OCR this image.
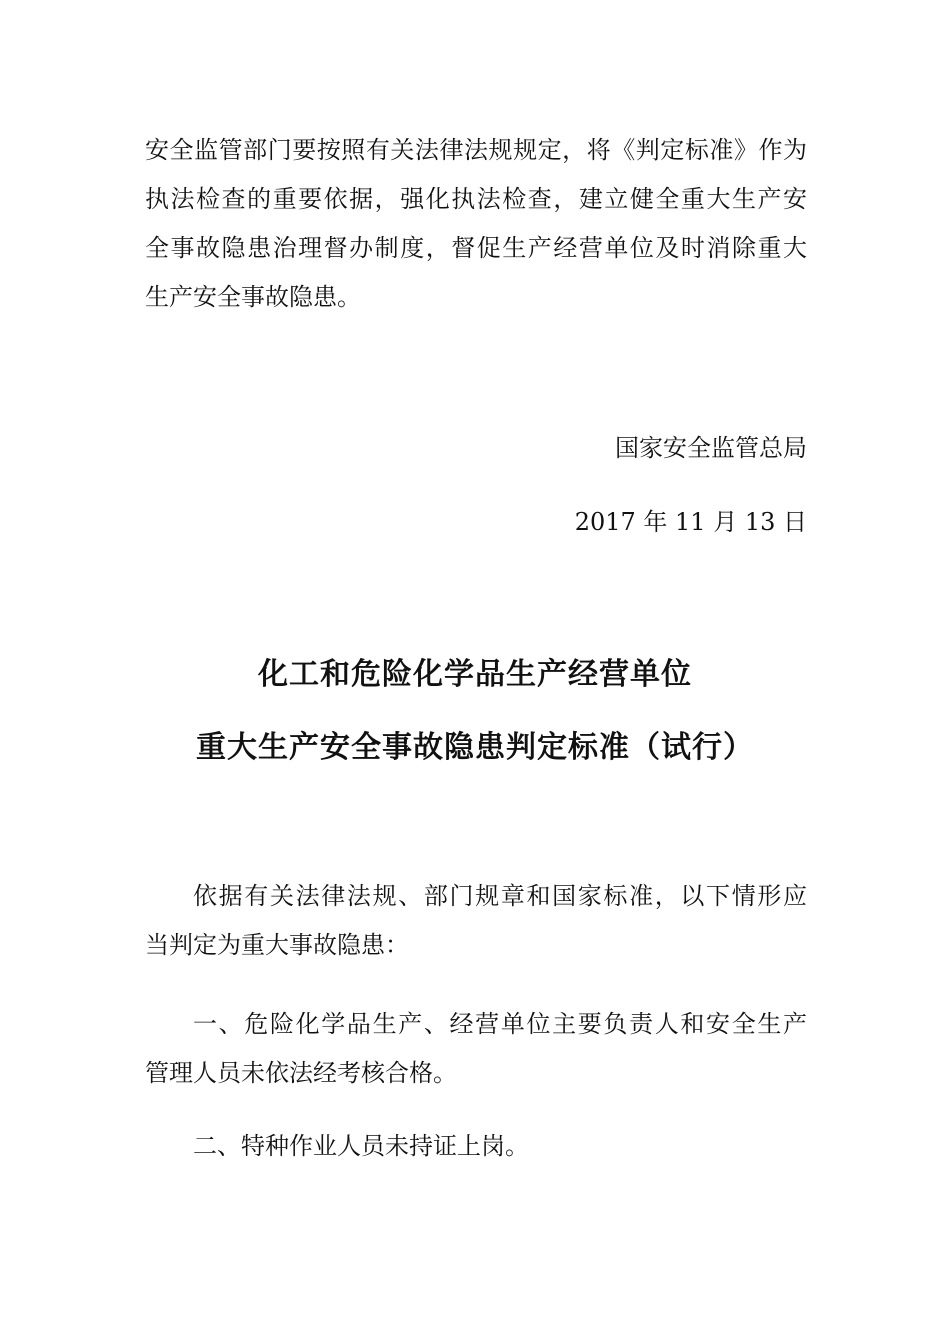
安全监管部门要按照有关法律法规规定，将《判定标准》作为
执法检查的重要依据，强化执法检查，建立健全重大生产安
全事故隐患治理督办制度，督促生产经营单位及时消除重大
生产安全事故隐患。
国家安全监管总局
2017 年 11 月 13 日
化工和危险化学品生产经营单位
重大生产安全事故隐患判定标准（试行）
依据有关法律法规、部门规章和国家标准，以下情形应
当判定为重大事故隐患：
一、危险化学品生产、经营单位主要负责人和安全生产
管理人员未依法经考核合格。
二、特种作业人员未持证上岗。
